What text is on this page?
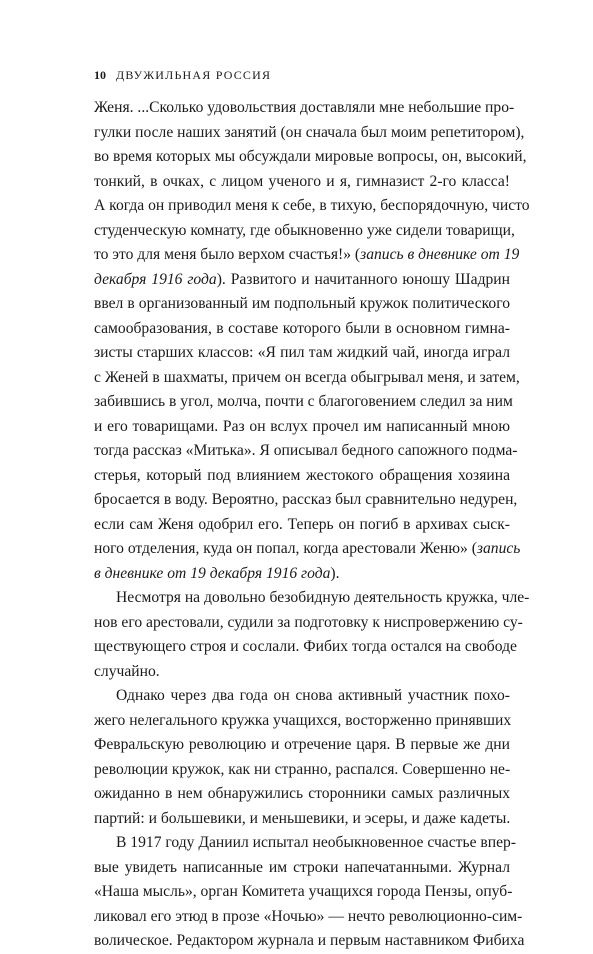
10 ДВУЖИЛЬНАЯ РОССИЯ
Женя. ...Сколько удовольствия доставляли мне небольшие про-
гулки после наших занятий (он сначала был моим репетитором),
во время которых мы обсуждали мировые вопросы, он, высокий,
тонкий, в очках, с лицом ученого и я, гимназист 2-го класса!
А когда он приводил меня к себе, в тихую, беспорядочную, чисто
студенческую комнату, где обыкновенно уже сидели товарищи,
то это для меня было верхом счастья!» (запись в дневнике от 19
декабря 1916 года). Развитого и начитанного юношу Шадрин
ввел в организованный им подпольный кружок политического
самообразования, в составе которого были в основном гимна-
зисты старших классов: «Я пил там жидкий чай, иногда играл
с Женей в шахматы, причем он всегда обыгрывал меня, и затем,
забившись в угол, молча, почти с благоговением следил за ним
и его товарищами. Раз он вслух прочел им написанный мною
тогда рассказ «Митька». Я описывал бедного сапожного подма-
стерья, который под влиянием жестокого обращения хозяина
бросается в воду. Вероятно, рассказ был сравнительно недурен,
если сам Женя одобрил его. Теперь он погиб в архивах сыск-
ного отделения, куда он попал, когда арестовали Женю» (запись
в дневнике от 19 декабря 1916 года).
Несмотря на довольно безобидную деятельность кружка, чле-
нов его арестовали, судили за подготовку к ниспровержению су-
ществующего строя и сослали. Фибих тогда остался на свободе
случайно.
Однако через два года он снова активный участник похо-
жего нелегального кружка учащихся, восторженно принявших
Февральскую революцию и отречение царя. В первые же дни
революции кружок, как ни странно, распался. Совершенно не-
ожиданно в нем обнаружились сторонники самых различных
партий: и большевики, и меньшевики, и эсеры, и даже кадеты.
В 1917 году Даниил испытал необыкновенное счастье впер-
вые увидеть написанные им строки напечатанными. Журнал
«Наша мысль», орган Комитета учащихся города Пензы, опуб-
ликовал его этюд в прозе «Ночью» — нечто революционно-сим-
волическое. Редактором журнала и первым наставником Фибиха
